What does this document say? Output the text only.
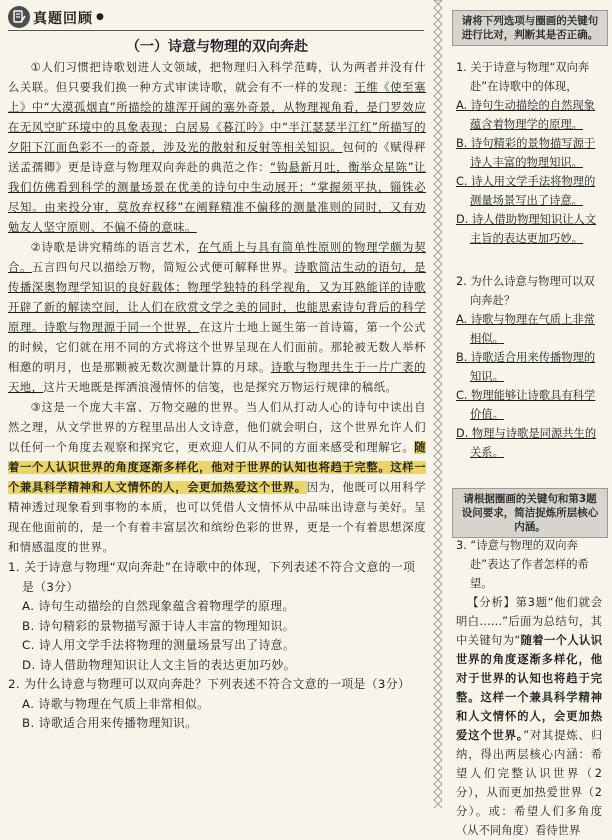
真题回顾 ●
（一）诗意与物理的双向奔赴

①人们习惯把诗歌划进人文领域，把物理归入科学范畴，认为两者并没有什么关联。但只要我们换一种方式审读诗歌，就会有不一样的发现：王维《使至塞上》中“大漠孤烟直”所描绘的雄浑开阔的塞外奇景，从物理视角看，是门罗效应在无风空旷环境中的具象表现；白居易《暮江吟》中“半江瑟瑟半江红”所描写的夕阳下江面色彩不一的奇景，涉及光的散射和反射等相关知识。包何的《赋得秤送孟孺卿》更是诗意与物理双向奔赴的典范之作：“钩悬新月吐，衡举众星陈”让我们仿佛看到科学的测量场景在优美的诗句中生动展开；“掌握须平执，锱铢必尽知。由来投分审，莫放弃权移”在阐释精准不偏移的测量准则的同时，又有劝勉友人坚守原则、不偏不倚的意味。

②诗歌是讲究精练的语言艺术，在气质上与具有简单性原则的物理学颇为契合。五言四句尺以描绘万物，简短公式便可解释世界。诗歌简洁生动的语句，是传播深奥物理学知识的良好载体；物理学独特的科学视角，又为耳熟能详的诗歌开辟了新的解读空间，让人们在欣赏文学之美的同时，也能思索诗句背后的科学原理。诗歌与物理源于同一个世界，在这片土地上诞生第一首诗篇，第一个公式的时候，它们就在用不同的方式将这个世界呈现在人们面前。那轮被无数人举杯相邀的明月，也是那颗被无数次测量计算的月球。诗歌与物理共生于一片广袤的天地，这片天地既是挥洒浪漫情怀的信笺，也是探究万物运行规律的稿纸。

③这是一个庞大丰富、万物交融的世界。当人们从打动人心的诗句中读出自然之理，从文学世界的方程里品出人文诗意，他们就会明白，这个世界允许人们以任何一个角度去观察和探究它，更欢迎人们从不同的方面来感受和理解它。随着一个人认识世界的角度逐渐多样化，他对于世界的认知也将趋于完整。这样一个兼具科学精神和人文情怀的人，会更加热爱这个世界。因为，他既可以用科学精神透过现象看到事物的本质，也可以凭借人文情怀从中品味出诗意与美好。呈现在他面前的，是一个有着丰富层次和缤纷色彩的世界，更是一个有着思想深度和情感温度的世界。

1. 关于诗意与物理“双向奔赴”在诗歌中的体现，下列表述不符合文意的一项是（3分）

A. 诗句生动描绘的自然现象蕴含着物理学的原理。

B. 诗句精彩的景物描写源于诗人丰富的物理知识。

C. 诗人用文学手法将物理的测量场景写出了诗意。

D. 诗人借助物理知识让人文主旨的表达更加巧妙。

2. 为什么诗意与物理可以双向奔赴？下列表述不符合文意的一项是（3分）

A. 诗歌与物理在气质上非常相似。

B. 诗歌适合用来传播物理知识。

请将下列选项与圈画的关键句进行比对，判断其是否正确。

1. 关于诗意与物理“双向奔赴”在诗歌中的体现，

A. 诗句生动描绘的自然现象蕴含着物理学的原理。

B. 诗句精彩的景物描写源于诗人丰富的物理知识。

C. 诗人用文学手法将物理的测量场景写出了诗意。

D. 诗人借助物理知识让人文主旨的表达更加巧妙。

2. 为什么诗意与物理可以双向奔赴？

A. 诗歌与物理在气质上非常相似。

B. 诗歌适合用来传播物理的知识。

C. 物理能够让诗歌具有科学价值。

D. 物理与诗歌是同源共生的关系。

请根据圈画的关键句和第3题设问要求，简洁捉炼所层核心内涵。

3. “诗意与物理的双向奔赴”表达了作者怎样的希望。

【分析】第3题“他们就会明白……”后面为总结句，其中关键句为“随着一个人认识世界的角度逐渐多样化，他对于世界的认知也将趋于完整。这样一个兼具科学精神和人文情怀的人，会更加热爱这个世界。”对其提炼、归纳，得出两层核心内涵：希望人们完整认识世界（2分），从而更加热爱世界（2分）。或：希望人们多角度（从不同角度）看待世界
